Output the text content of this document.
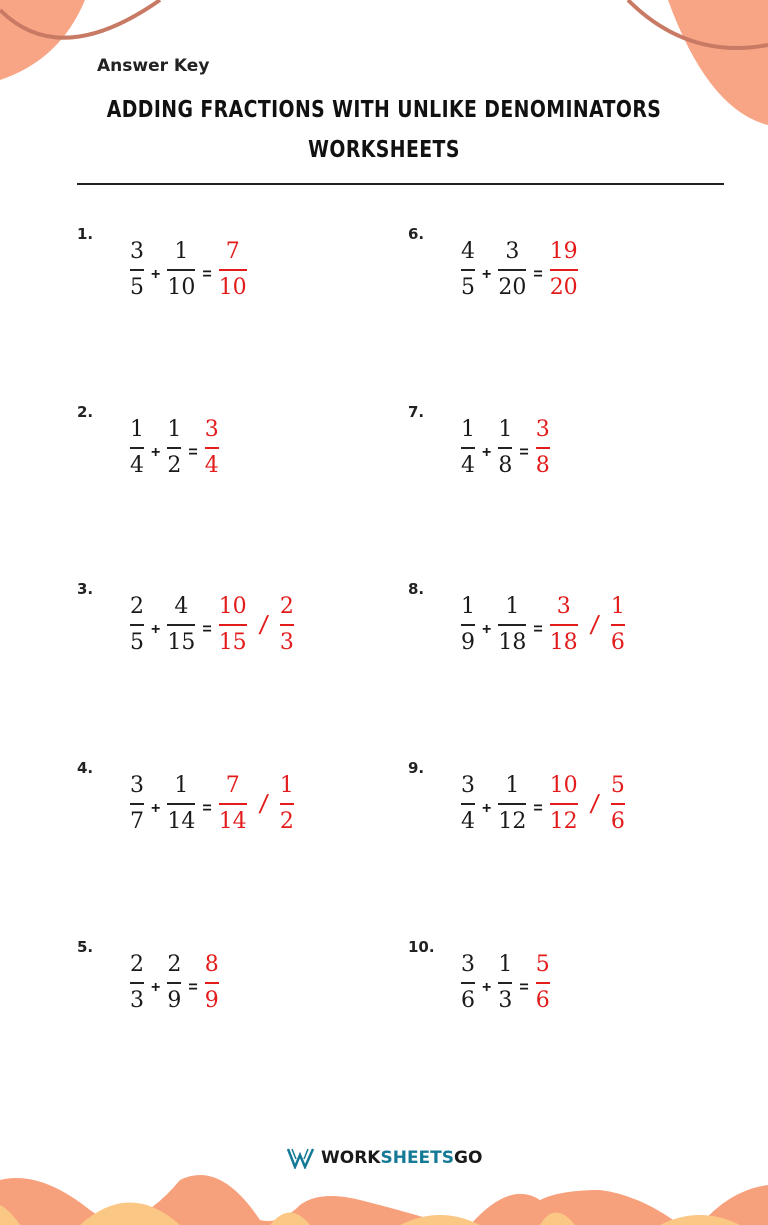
Answer Key
ADDING FRACTIONS WITH UNLIKE DENOMINATORS
WORKSHEETS
1.
$\frac{3}{5} + \frac{1}{10} = \frac{7}{10}$
2.
$\frac{1}{4} + \frac{1}{2} = \frac{3}{4}$
3.
$\frac{2}{5} + \frac{4}{15} = \frac{10}{15} / \frac{2}{3}$
4.
$\frac{3}{7} + \frac{1}{14} = \frac{7}{14} / \frac{1}{2}$
5.
$\frac{2}{3} + \frac{2}{9} = \frac{8}{9}$
6.
$\frac{4}{5} + \frac{3}{20} = \frac{19}{20}$
7.
$\frac{1}{4} + \frac{1}{8} = \frac{3}{8}$
8.
$\frac{1}{9} + \frac{1}{18} = \frac{3}{18} / \frac{1}{6}$
9.
$\frac{3}{4} + \frac{1}{12} = \frac{10}{12} / \frac{5}{6}$
10.
$\frac{3}{6} + \frac{1}{3} = \frac{5}{6}$
WORK SHEETS GO
